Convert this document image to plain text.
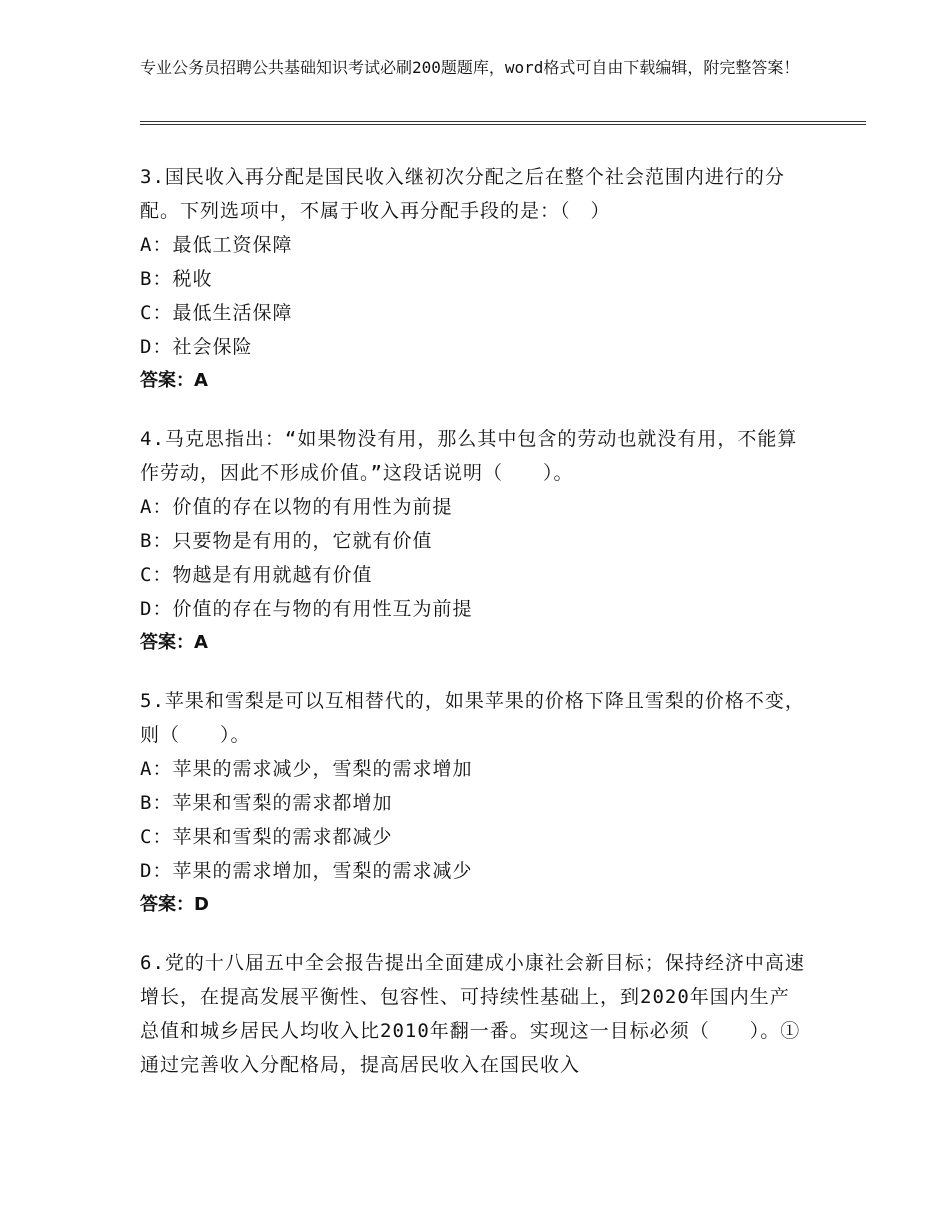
专业公务员招聘公共基础知识考试必刷200题题库，word格式可自由下载编辑，附完整答案！
3.国民收入再分配是国民收入继初次分配之后在整个社会范围内进行的分配。下列选项中，不属于收入再分配手段的是：（　）
A：最低工资保障
B：税收
C：最低生活保障
D：社会保险
答案：A
4.马克思指出：“如果物没有用，那么其中包含的劳动也就没有用，不能算作劳动，因此不形成价值。”这段话说明（　　）。
A：价值的存在以物的有用性为前提
B：只要物是有用的，它就有价值
C：物越是有用就越有价值
D：价值的存在与物的有用性互为前提
答案：A
5.苹果和雪梨是可以互相替代的，如果苹果的价格下降且雪梨的价格不变，则（　　）。
A：苹果的需求减少，雪梨的需求增加
B：苹果和雪梨的需求都增加
C：苹果和雪梨的需求都减少
D：苹果的需求增加，雪梨的需求减少
答案：D
6.党的十八届五中全会报告提出全面建成小康社会新目标；保持经济中高速增长，在提高发展平衡性、包容性、可持续性基础上，到2020年国内生产总值和城乡居民人均收入比2010年翻一番。实现这一目标必须（　　）。①通过完善收入分配格局，提高居民收入在国民收入
